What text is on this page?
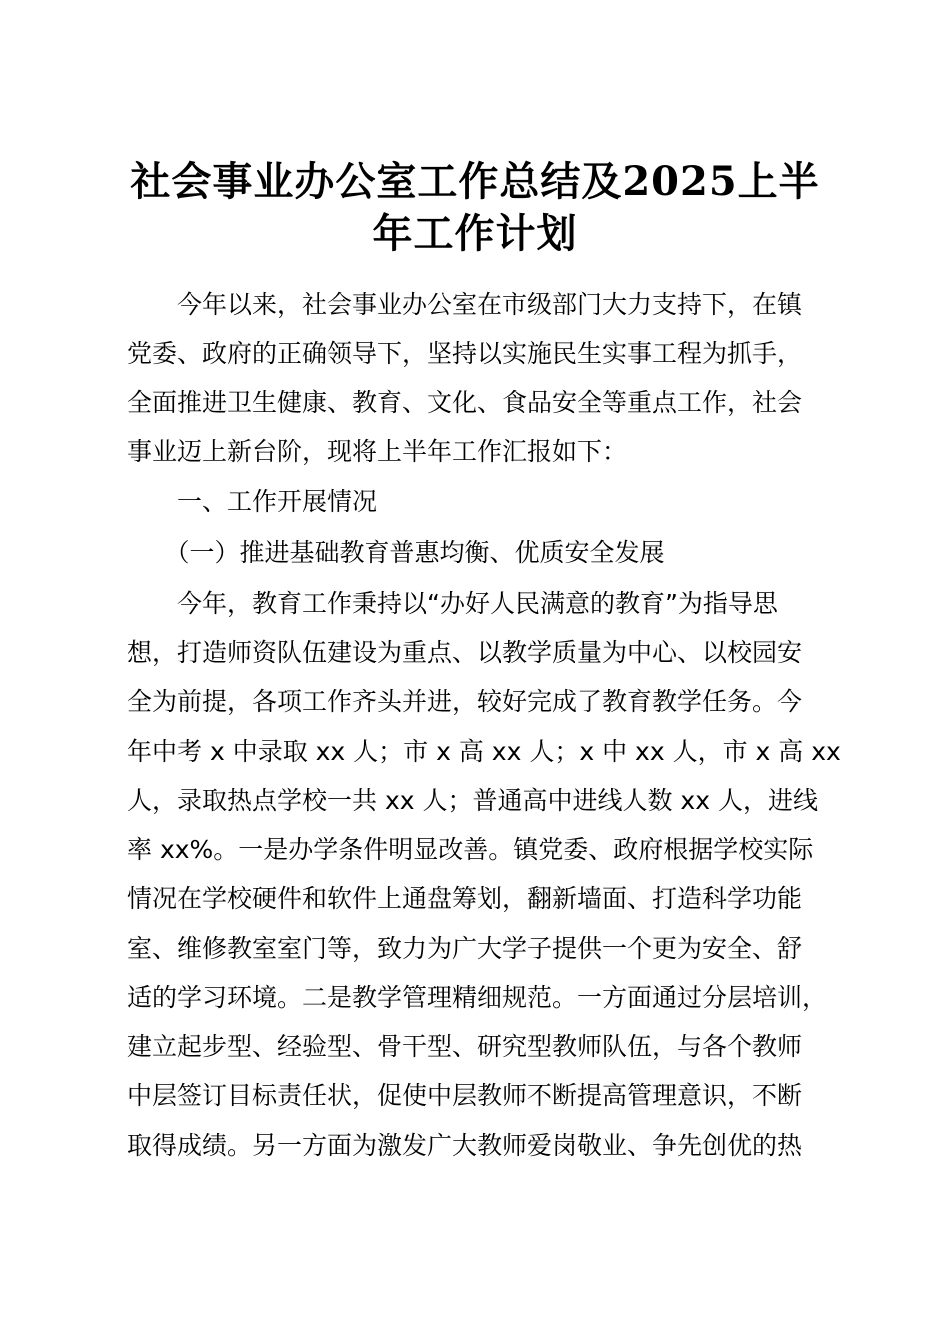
社会事业办公室工作总结及2025上半
年工作计划

　　今年以来，社会事业办公室在市级部门大力支持下，在镇

党委、政府的正确领导下，坚持以实施民生实事工程为抓手，

全面推进卫生健康、教育、文化、食品安全等重点工作，社会

事业迈上新台阶，现将上半年工作汇报如下：

　　一、工作开展情况

　　（一）推进基础教育普惠均衡、优质安全发展

　　今年，教育工作秉持以“办好人民满意的教育”为指导思

想，打造师资队伍建设为重点、以教学质量为中心、以校园安

全为前提，各项工作齐头并进，较好完成了教育教学任务。今

年中考 x 中录取 xx 人；市 x 高 xx 人；x 中 xx 人，市 x 高 xx

人，录取热点学校一共 xx 人；普通高中进线人数 xx 人，进线

率 xx%。一是办学条件明显改善。镇党委、政府根据学校实际

情况在学校硬件和软件上通盘筹划，翻新墙面、打造科学功能

室、维修教室室门等，致力为广大学子提供一个更为安全、舒

适的学习环境。二是教学管理精细规范。一方面通过分层培训，

建立起步型、经验型、骨干型、研究型教师队伍，与各个教师

中层签订目标责任状，促使中层教师不断提高管理意识，不断

取得成绩。另一方面为激发广大教师爱岗敬业、争先创优的热
